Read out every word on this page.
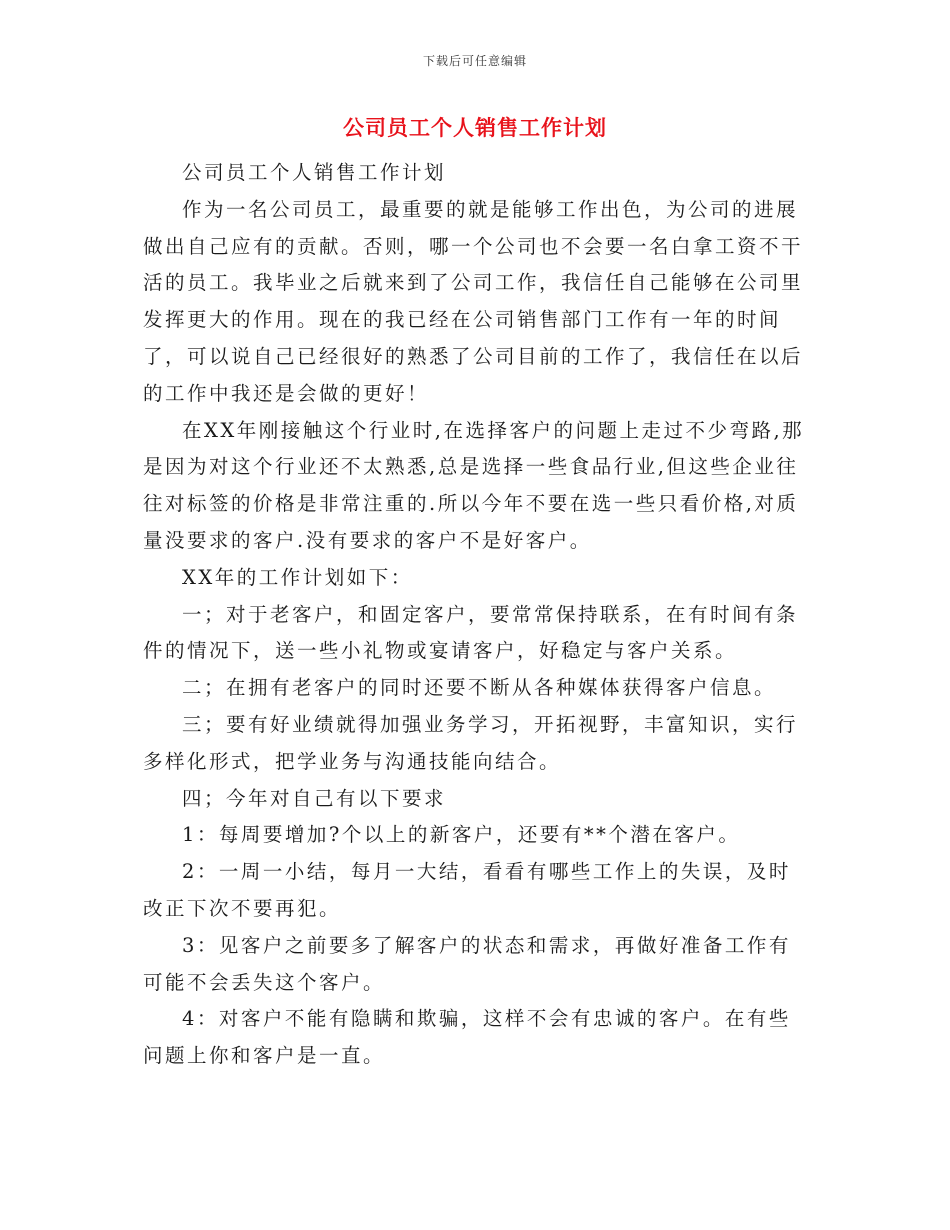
下载后可任意编辑
公司员工个人销售工作计划

公司员工个人销售工作计划

作为一名公司员工，最重要的就是能够工作出色，为公司的进展做出自己应有的贡献。否则，哪一个公司也不会要一名白拿工资不干活的员工。我毕业之后就来到了公司工作，我信任自己能够在公司里发挥更大的作用。现在的我已经在公司销售部门工作有一年的时间了，可以说自己已经很好的熟悉了公司目前的工作了，我信任在以后的工作中我还是会做的更好！

在XX年刚接触这个行业时,在选择客户的问题上走过不少弯路,那是因为对这个行业还不太熟悉,总是选择一些食品行业,但这些企业往往对标签的价格是非常注重的.所以今年不要在选一些只看价格,对质量没要求的客户.没有要求的客户不是好客户。

XX年的工作计划如下：

一；对于老客户，和固定客户，要常常保持联系，在有时间有条件的情况下，送一些小礼物或宴请客户，好稳定与客户关系。

二；在拥有老客户的同时还要不断从各种媒体获得客户信息。

三；要有好业绩就得加强业务学习，开拓视野，丰富知识，实行多样化形式，把学业务与沟通技能向结合。

四；今年对自己有以下要求

1：每周要增加?个以上的新客户，还要有**个潜在客户。

2：一周一小结，每月一大结，看看有哪些工作上的失误，及时改正下次不要再犯。

3：见客户之前要多了解客户的状态和需求，再做好准备工作有可能不会丢失这个客户。

4：对客户不能有隐瞒和欺骗，这样不会有忠诚的客户。在有些问题上你和客户是一直。
